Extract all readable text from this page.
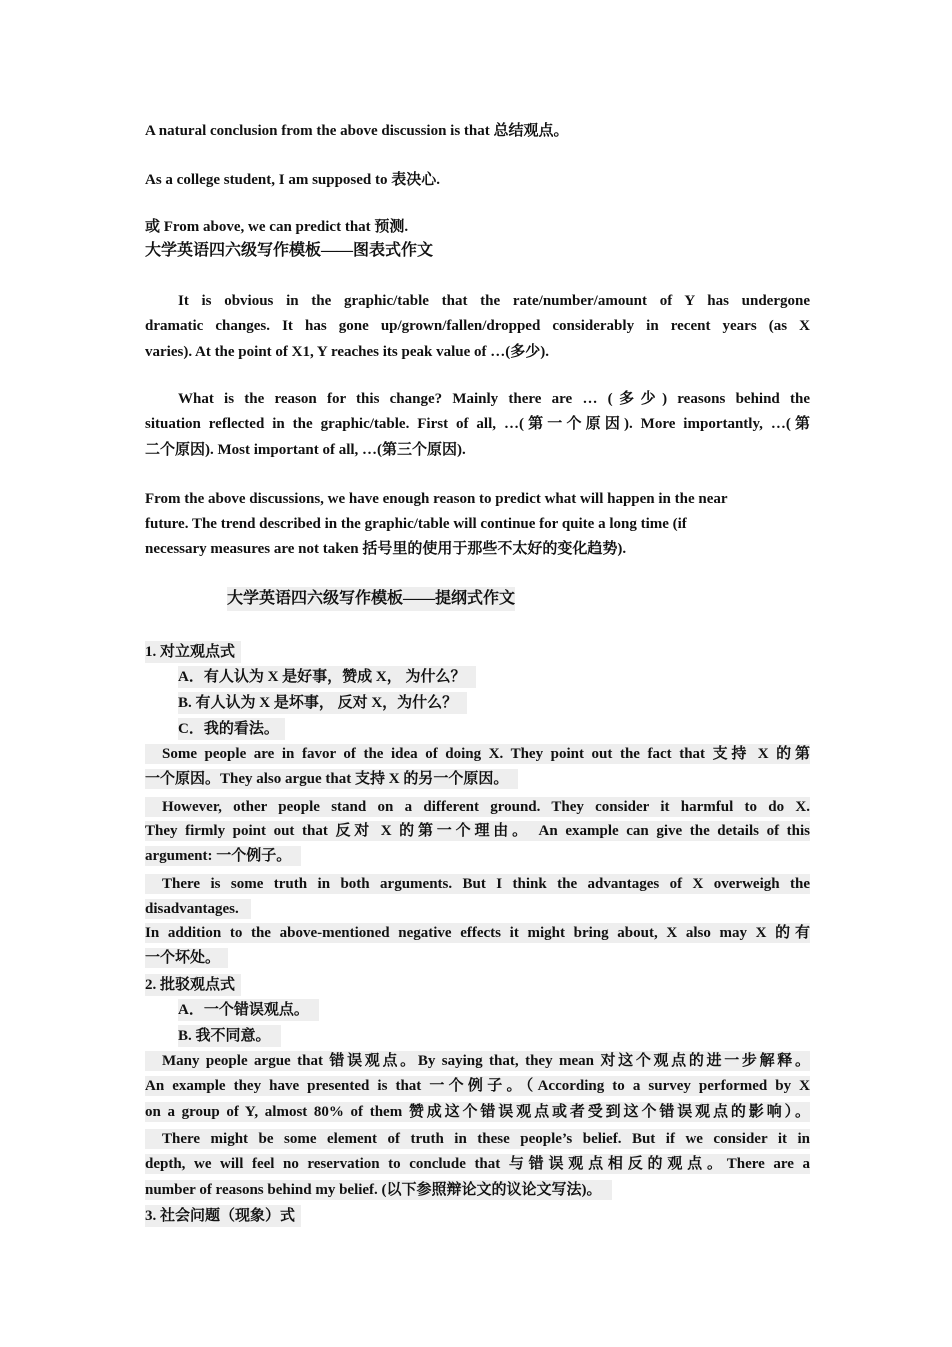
A natural conclusion from the above discussion is that 总结观点。
As a college student, I am supposed to 表决心.
或 From above, we can predict that 预测.
大学英语四六级写作模板——图表式作文
It is obvious in the graphic/table that the rate/number/amount of Y has undergone
dramatic changes. It has gone up/grown/fallen/dropped considerably in recent years (as X
varies). At the point of X1, Y reaches its peak value of …(多少).
What is the reason for this change? Mainly there are … (多少) reasons behind the
situation reflected in the graphic/table. First of all, …(第一个原因). More importantly, …(第
二个原因). Most important of all, …(第三个原因).
From the above discussions, we have enough reason to predict what will happen in the near
future. The trend described in the graphic/table will continue for quite a long time (if
necessary measures are not taken 括号里的使用于那些不太好的变化趋势).
大学英语四六级写作模板——提纲式作文
1. 对立观点式
A．有人认为 X 是好事，赞成 X， 为什么？
B. 有人认为 X 是坏事， 反对 X，为什么？
C．我的看法。
Some people are in favor of the idea of doing X. They point out the fact that 支持 X 的第
一个原因。They also argue that 支持 X 的另一个原因。
However, other people stand on a different ground. They consider it harmful to do X.
They firmly point out that 反对 X 的第一个理由。 An example can give the details of this
argument: 一个例子。
There is some truth in both arguments. But I think the advantages of X overweigh the
disadvantages.
In addition to the above-mentioned negative effects it might bring about, X also may X 的有
一个坏处。
2. 批驳观点式
A．一个错误观点。
B. 我不同意。
Many people argue that 错误观点。By saying that, they mean 对这个观点的进一步解释。
An example they have presented is that 一个例子。（According to a survey performed by X
on a group of Y, almost 80% of them 赞成这个错误观点或者受到这个错误观点的影响）。
There might be some element of truth in these people’s belief. But if we consider it in
depth, we will feel no reservation to conclude that 与错误观点相反的观点。There are a
number of reasons behind my belief. (以下参照辩论文的议论文写法)。
3. 社会问题（现象）式
